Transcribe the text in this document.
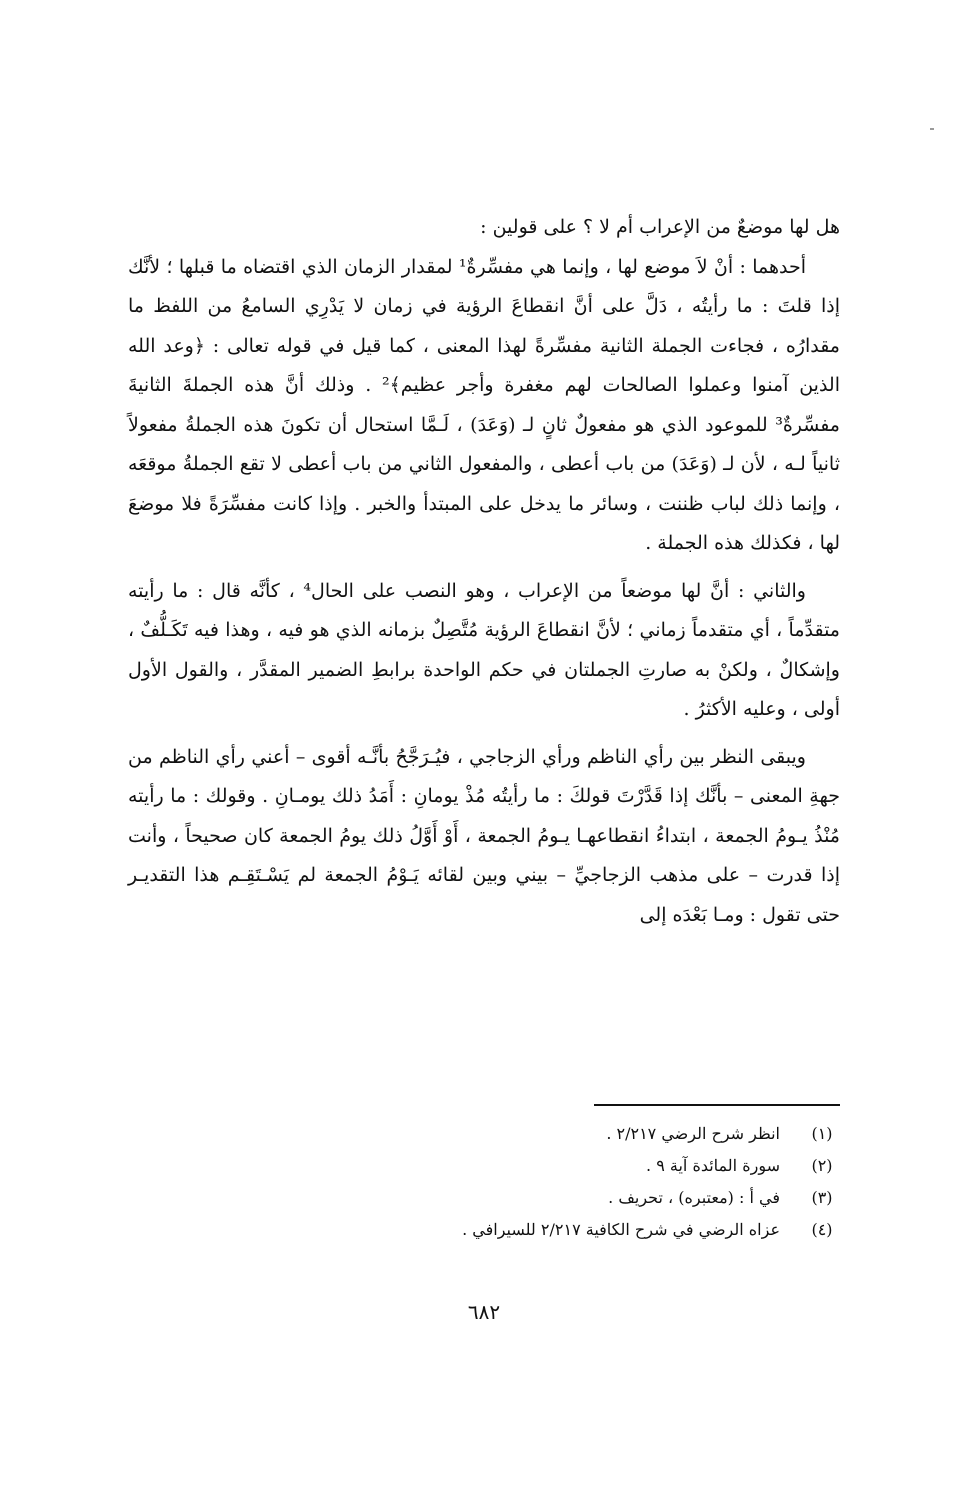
هل لها موضعٌ من الإعراب أم لا ؟ على قولين :

أحدهما : أنْ لاَ موضع لها ، وإنما هي مفسِّرةٌ¹ لمقدار الزمان الذي اقتضاه ما قبلها ؛ لأنَّك إذا قلتَ : ما رأيتُه ، دَلَّ على أنَّ انقطاعَ الرؤية في زمان لا يَدْرِي السامعُ من اللفظ ما مقدارُه ، فجاءت الجملة الثانية مفسِّرةً لهذا المعنى ، كما قيل في قوله تعالى : ﴿وعد الله الذين آمنوا وعملوا الصالحات لهم مغفرة وأجر عظيم﴾² . وذلك أنَّ هذه الجملةَ الثانيةَ مفسِّرةٌ³ للموعود الذي هو مفعولٌ ثانٍ لـ (وَعَدَ) ، لَـمَّا استحال أن تكونَ هذه الجملةُ مفعولاً ثانياً لـه ، لأن لـ (وَعَدَ) من باب أعطى ، والمفعول الثاني من باب أعطى لا تقع الجملةُ موقعَه ، وإنما ذلك لباب ظننت ، وسائر ما يدخل على المبتدأ والخبر . وإذا كانت مفسِّرَةً فلا موضعَ لها ، فكذلك هذه الجملة .

والثاني : أنَّ لها موضعاً من الإعراب ، وهو النصب على الحال⁴ ، كأنَّه قال : ما رأيته متقدِّماً ، أي متقدماً زماني ؛ لأنَّ انقطاعَ الرؤية مُتَّصِلٌ بزمانه الذي هو فيه ، وهذا فيه تَكَـلُّفٌ ، وإشكالٌ ، ولكنْ به صارتِ الجملتان في حكم الواحدة برابطِ الضمير المقدَّر ، والقول الأول أولى ، وعليه الأكثرُ .

ويبقى النظر بين رأي الناظم ورأي الزجاجي ، فيُـرَجَّحُ بأنَّـه أقوى – أعني رأي الناظم من جهةِ المعنى – بأنَّك إذا قَدَّرْتَ قولكَ : ما رأيتُه مُذْ يومانِ : أَمَدُ ذلك يومـانِ . وقولك : ما رأيته مُنْذُ يـومُ الجمعة ، ابتداءُ انقطاعهـا يـومُ الجمعة ، أَوْ أَوَّلُ ذلك يومُ الجمعة كان صحيحاً ، وأنت إذا قدرت – على مذهب الزجاجيِّ – بيني وبين لقائه يَـوْمُ الجمعة لم يَسْـتَقِـم هذا التقديـر حتى تقول : ومـا بَعْدَه إلى

(١)
انظر شرح الرضي ٢/٢١٧ .
(٢)
سورة المائدة آية ٩ .
(٣)
في أ : (معتبره) ، تحريف .
(٤)
عزاه الرضي في شرح الكافية ٢/٢١٧ للسيرافي .
٦٨٢
